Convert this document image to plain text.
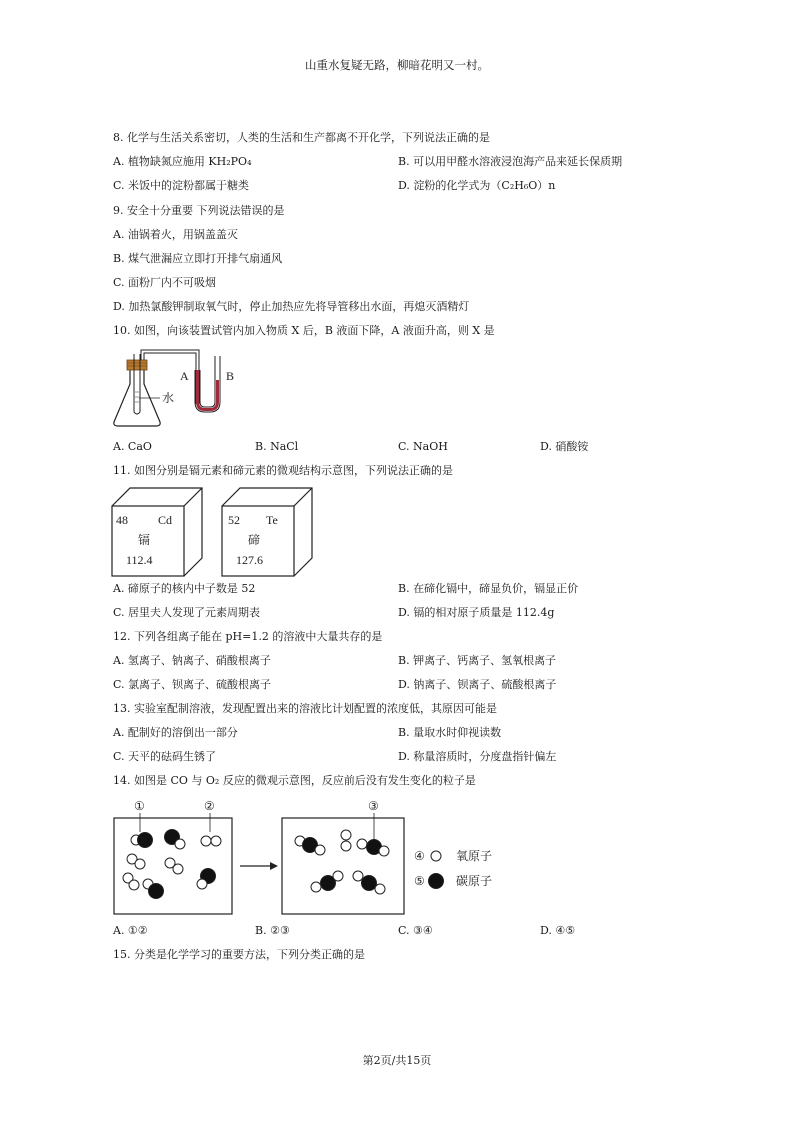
山重水复疑无路，柳暗花明又一村。
8. 化学与生活关系密切，人类的生活和生产都离不开化学，下列说法正确的是
A. 植物缺氮应施用 KH₂PO₄	B. 可以用甲醛水溶液浸泡海产品来延长保质期
C. 米饭中的淀粉都属于糖类	D. 淀粉的化学式为（C₂H₆O）n
9. 安全十分重要 下列说法错误的是
A. 油锅着火，用锅盖盖灭
B. 煤气泄漏应立即打开排气扇通风
C. 面粉厂内不可吸烟
D. 加热氯酸钾制取氧气时，停止加热应先将导管移出水面，再熄灭酒精灯
10. 如图，向该装置试管内加入物质 X 后，B 液面下降，A 液面升高，则 X 是
水
A	B
A. CaO	B. NaCl	C. NaOH	D. 硝酸铵
11. 如图分别是镉元素和碲元素的微观结构示意图，下列说法正确的是
48	Cd
镉
112.4
52 Te
碲
127.6
A. 碲原子的核内中子数是 52	B. 在碲化镉中，碲显负价，镉显正价
C. 居里夫人发现了元素周期表	D. 镉的相对原子质量是 112.4g
12. 下列各组离子能在 pH=1.2 的溶液中大量共存的是
A. 氢离子、钠离子、硝酸根离子	B. 钾离子、钙离子、氢氧根离子
C. 氯离子、钡离子、硫酸根离子	D. 钠离子、钡离子、硫酸根离子
13. 实验室配制溶液，发现配置出来的溶液比计划配置的浓度低，其原因可能是
A. 配制好的溶倒出一部分	B. 量取水时仰视读数
C. 天平的砝码生锈了	D. 称量溶质时，分度盘指针偏左
14. 如图是 CO 与 O₂ 反应的微观示意图，反应前后没有发生变化的粒子是
①	②	③
④	氧原子
⑤	碳原子
A. ①②	B. ②③	C. ③④	D. ④⑤
15. 分类是化学学习的重要方法，下列分类正确的是
第2页/共15页
